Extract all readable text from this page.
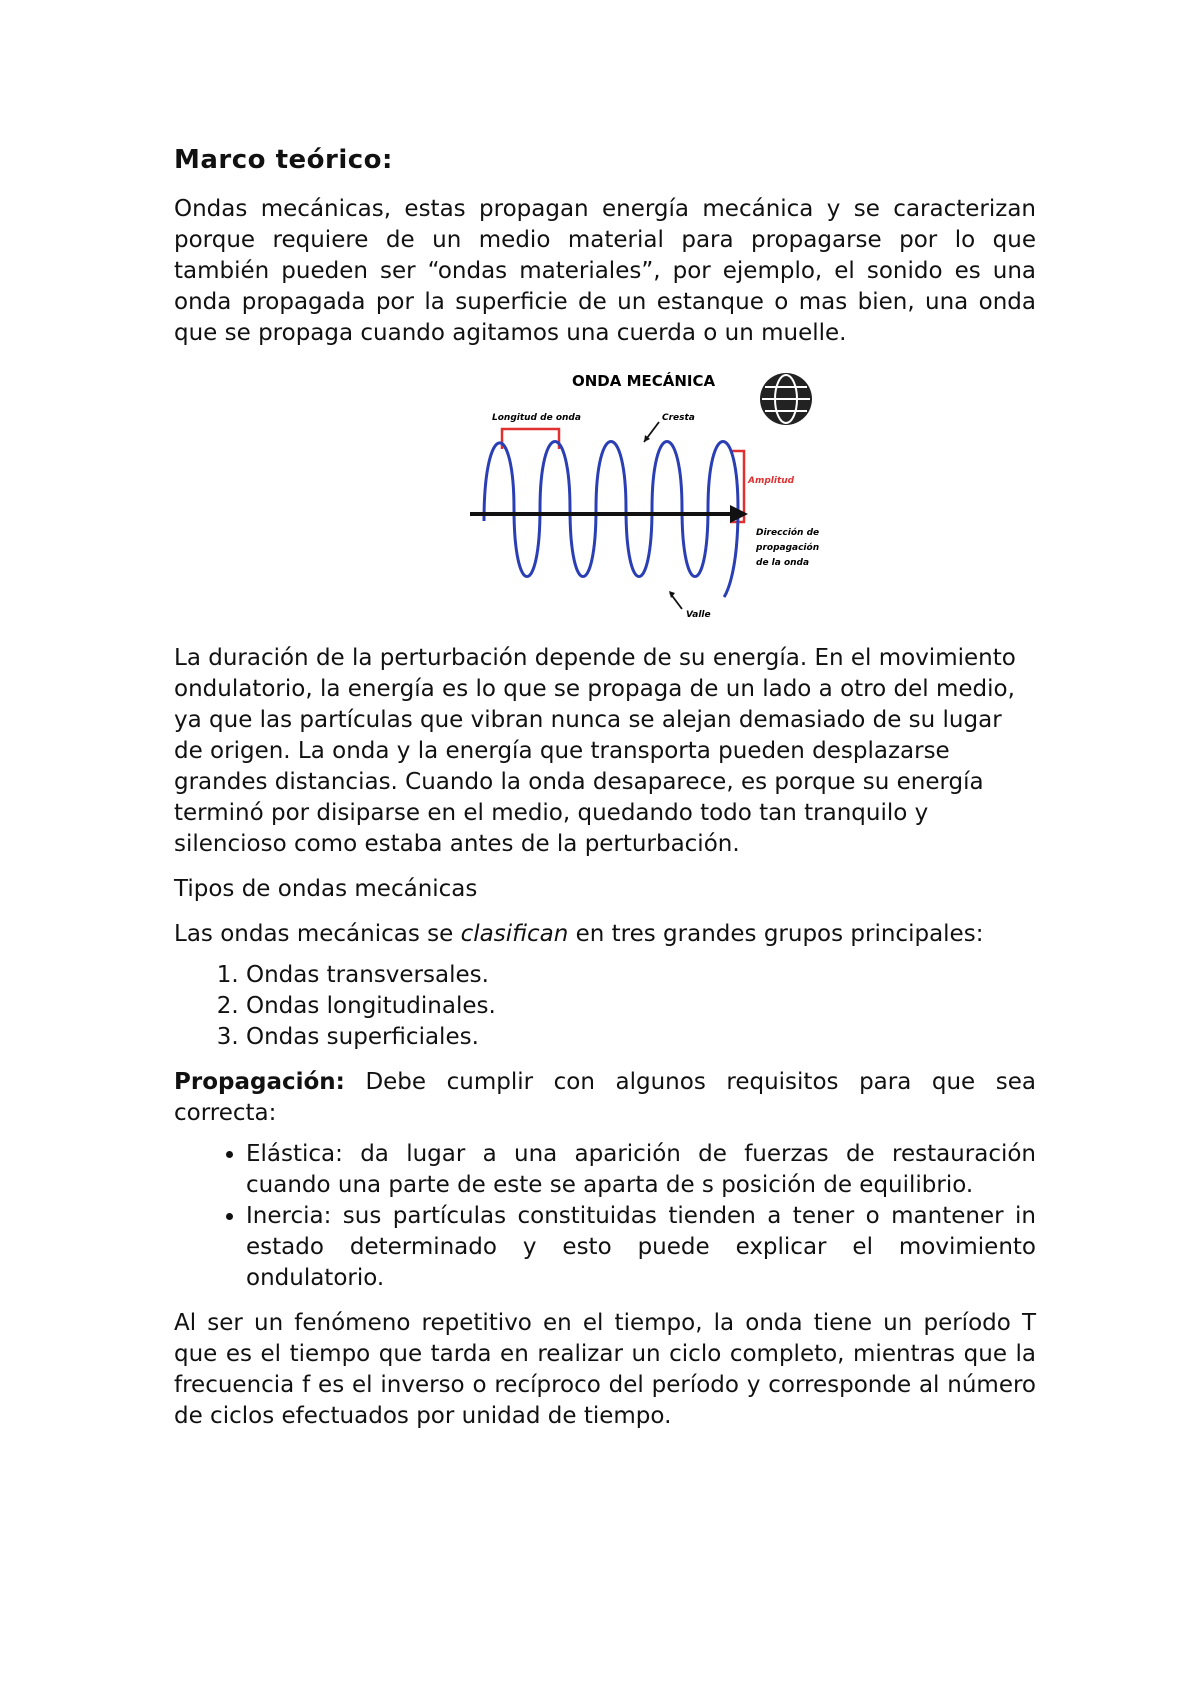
Marco teórico:

Ondas mecánicas, estas propagan energía mecánica y se caracterizan porque requiere de un medio material para propagarse por lo que también pueden ser “ondas materiales”, por ejemplo, el sonido es una onda propagada por la superficie de un estanque o mas bien, una onda que se propaga cuando agitamos una cuerda o un muelle.

ONDA MECÁNICA
Longitud de onda	Cresta
Amplitud
Dirección de
propagación
de la onda
Valle

La duración de la perturbación depende de su energía. En el movimiento ondulatorio, la energía es lo que se propaga de un lado a otro del medio, ya que las partículas que vibran nunca se alejan demasiado de su lugar de origen. La onda y la energía que transporta pueden desplazarse grandes distancias. Cuando la onda desaparece, es porque su energía terminó por disiparse en el medio, quedando todo tan tranquilo y silencioso como estaba antes de la perturbación.

Tipos de ondas mecánicas

Las ondas mecánicas se clasifican en tres grandes grupos principales:

1. Ondas transversales.
2. Ondas longitudinales.
3. Ondas superficiales.

Propagación: Debe cumplir con algunos requisitos para que sea correcta:

• Elástica: da lugar a una aparición de fuerzas de restauración cuando una parte de este se aparta de s posición de equilibrio.
• Inercia: sus partículas constituidas tienden a tener o mantener in estado determinado y esto puede explicar el movimiento ondulatorio.

Al ser un fenómeno repetitivo en el tiempo, la onda tiene un período T que es el tiempo que tarda en realizar un ciclo completo, mientras que la frecuencia f es el inverso o recíproco del período y corresponde al número de ciclos efectuados por unidad de tiempo.
